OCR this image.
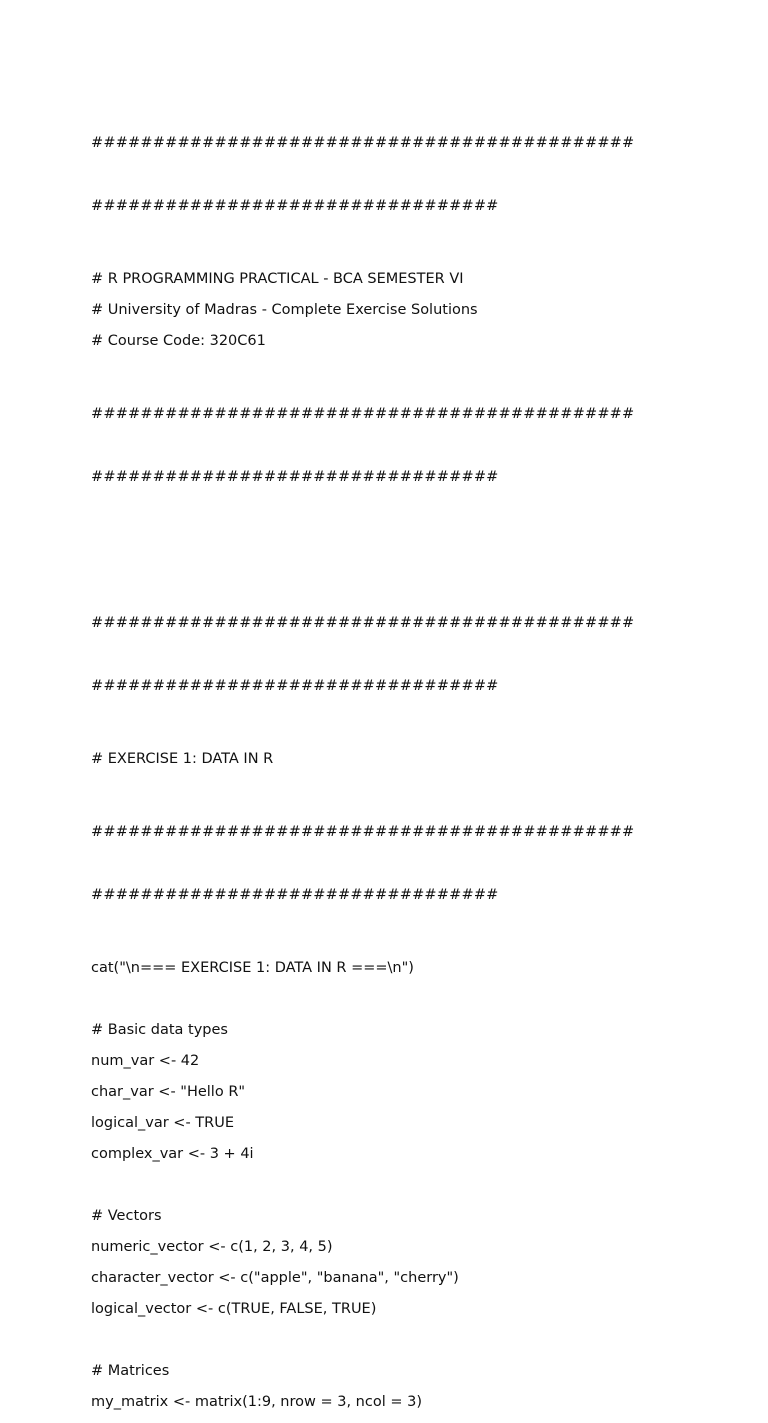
############################################

#################################

# R PROGRAMMING PRACTICAL - BCA SEMESTER VI
# University of Madras - Complete Exercise Solutions
# Course Code: 320C61

############################################

#################################

############################################

#################################

# EXERCISE 1: DATA IN R

############################################

#################################

cat("\n=== EXERCISE 1: DATA IN R ===\n")
# Basic data types
num_var <- 42
char_var <- "Hello R"
logical_var <- TRUE
complex_var <- 3 + 4i
# Vectors
numeric_vector <- c(1, 2, 3, 4, 5)
character_vector <- c("apple", "banana", "cherry")
logical_vector <- c(TRUE, FALSE, TRUE)
# Matrices
my_matrix <- matrix(1:9, nrow = 3, ncol = 3)
